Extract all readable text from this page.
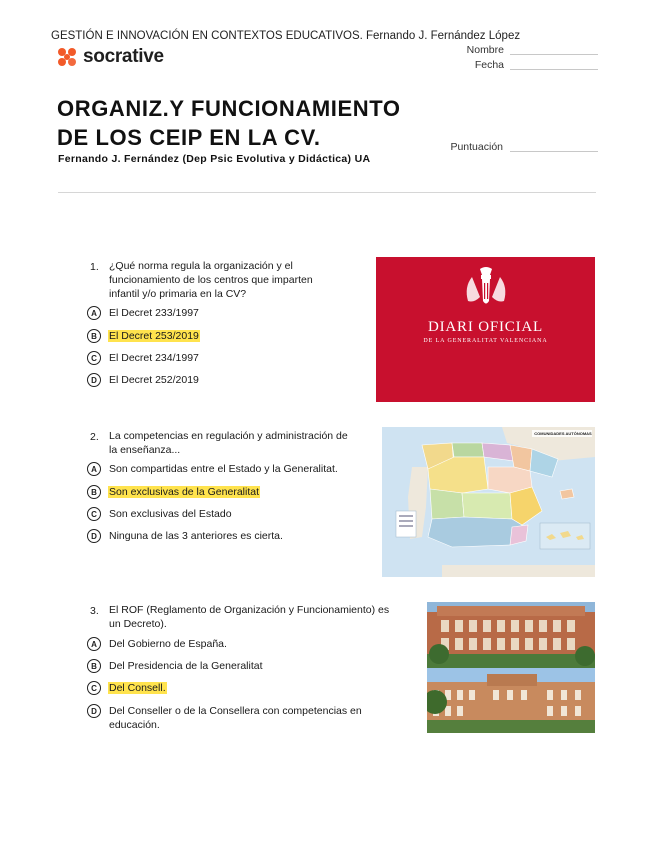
GESTIÓN E INNOVACIÓN EN CONTEXTOS EDUCATIVOS. Fernando J. Fernández López
socrative	Nombre
Fecha
ORGANIZ.Y FUNCIONAMIENTO
DE LOS CEIP EN LA CV.
Fernando J. Fernández (Dep Psic Evolutiva y Didáctica) UA
Puntuación
1. ¿Qué norma regula la organización y el
funcionamiento de los centros que imparten
infantil y/o primaria en la CV?
A	El Decret 233/1997
B	El Decret 253/2019
C	El Decret 234/1997
D	El Decret 252/2019
DIARI OFICIAL
DE LA GENERALITAT VALENCIANA
2. La competencias en regulación y administración de
la enseñanza...
A	Son compartidas entre el Estado y la Generalitat.
B	Son exclusivas de la Generalitat
C	Son exclusivas del Estado
D	Ninguna de las 3 anteriores es cierta.
COMUNIDADES AUTÓNOMAS
3. El ROF (Reglamento de Organización y Funcionamiento) es
un Decreto).
A	Del Gobierno de España.
B	Del Presidencia de la Generalitat
C	Del Consell.
D	Del Conseller o de la Consellera con competencias en
educación.
